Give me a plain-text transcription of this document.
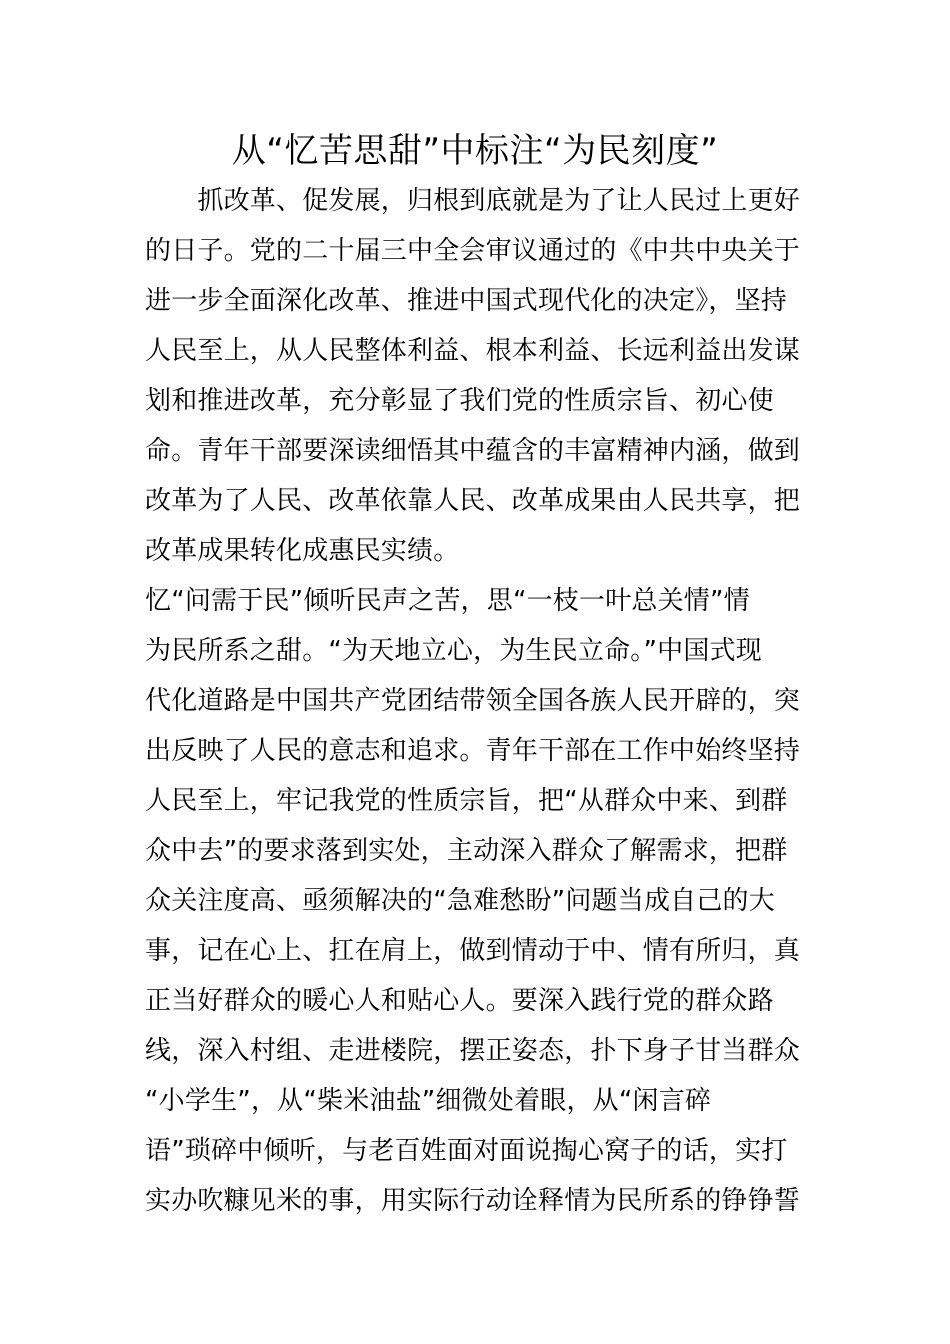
从“忆苦思甜”中标注“为民刻度”
　　抓改革、促发展，归根到底就是为了让人民过上更好
的日子。党的二十届三中全会审议通过的《中共中央关于
进一步全面深化改革、推进中国式现代化的决定》，坚持
人民至上，从人民整体利益、根本利益、长远利益出发谋
划和推进改革，充分彰显了我们党的性质宗旨、初心使
命。青年干部要深读细悟其中蕴含的丰富精神内涵，做到
改革为了人民、改革依靠人民、改革成果由人民共享，把
改革成果转化成惠民实绩。
忆“问需于民”倾听民声之苦，思“一枝一叶总关情”情
为民所系之甜。“为天地立心，为生民立命。”中国式现
代化道路是中国共产党团结带领全国各族人民开辟的，突
出反映了人民的意志和追求。青年干部在工作中始终坚持
人民至上，牢记我党的性质宗旨，把“从群众中来、到群
众中去”的要求落到实处，主动深入群众了解需求，把群
众关注度高、亟须解决的“急难愁盼”问题当成自己的大
事，记在心上、扛在肩上，做到情动于中、情有所归，真
正当好群众的暖心人和贴心人。要深入践行党的群众路
线，深入村组、走进楼院，摆正姿态，扑下身子甘当群众
“小学生”，从“柴米油盐”细微处着眼，从“闲言碎
语”琐碎中倾听，与老百姓面对面说掏心窝子的话，实打
实办吹糠见米的事，用实际行动诠释情为民所系的铮铮誓
